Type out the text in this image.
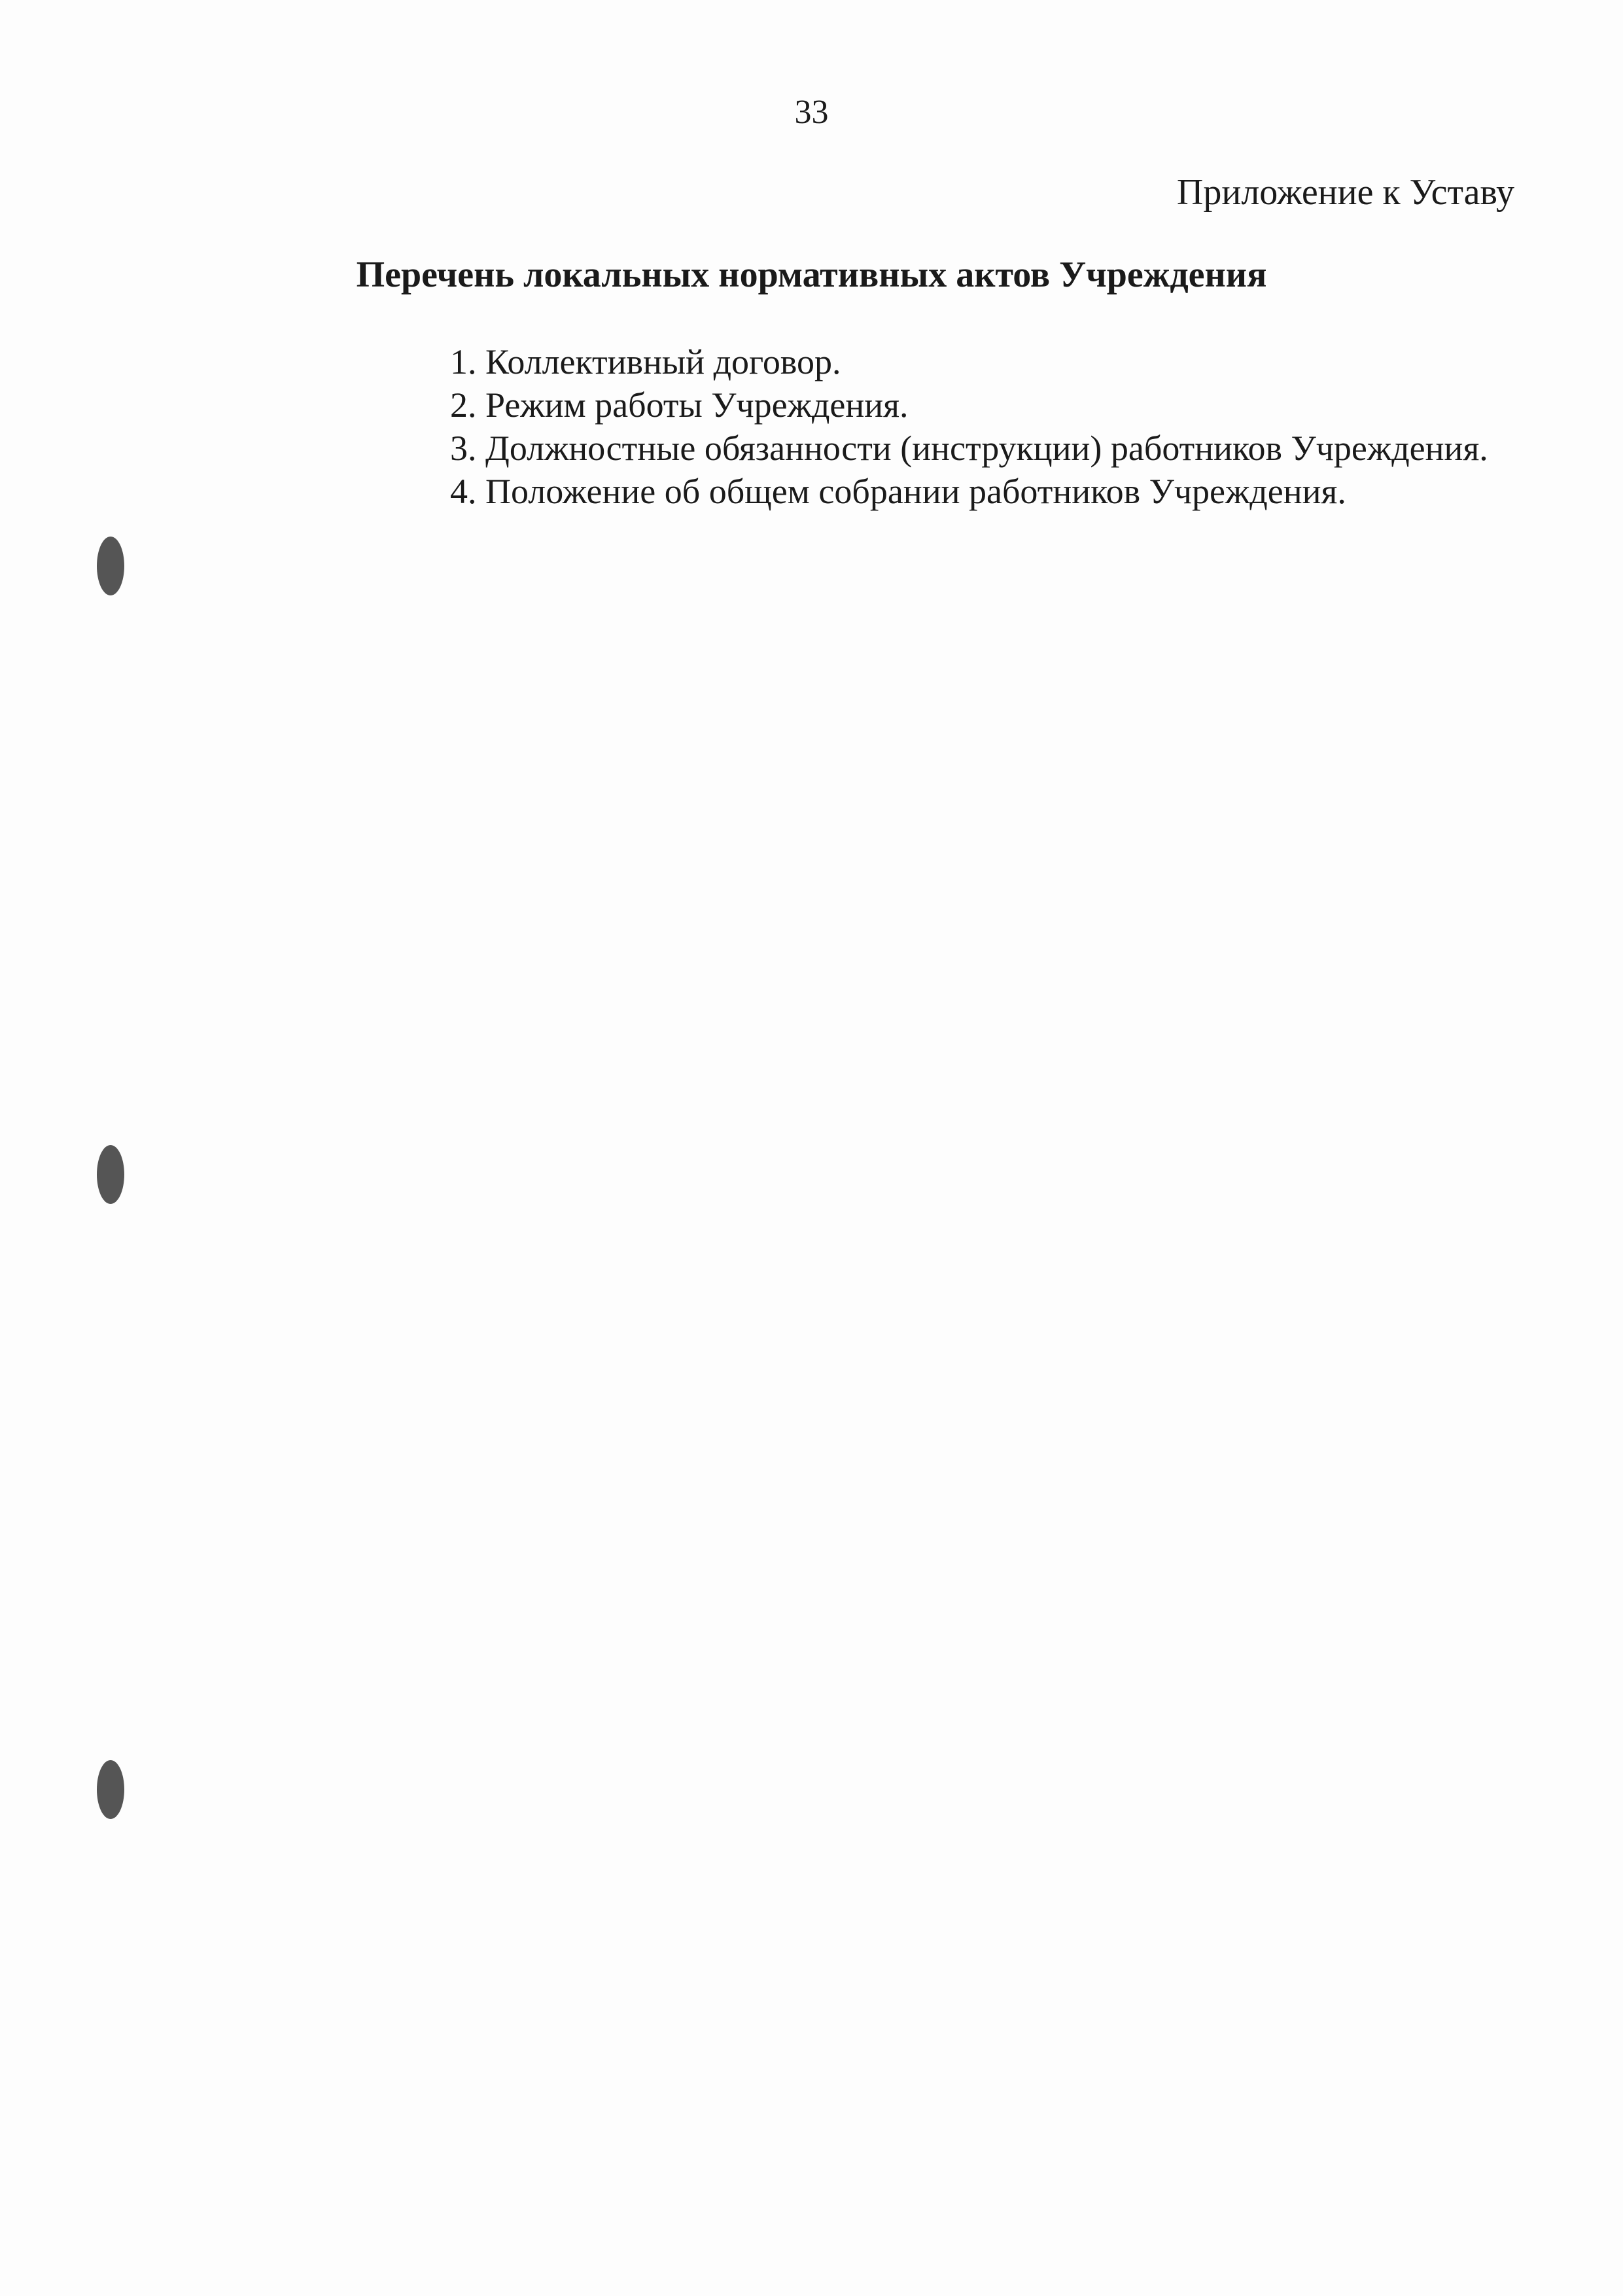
33
Приложение к Уставу
Перечень локальных нормативных актов Учреждения
1. Коллективный договор.
2. Режим работы Учреждения.
3. Должностные обязанности (инструкции) работников Учреждения.
4. Положение об общем собрании работников Учреждения.
